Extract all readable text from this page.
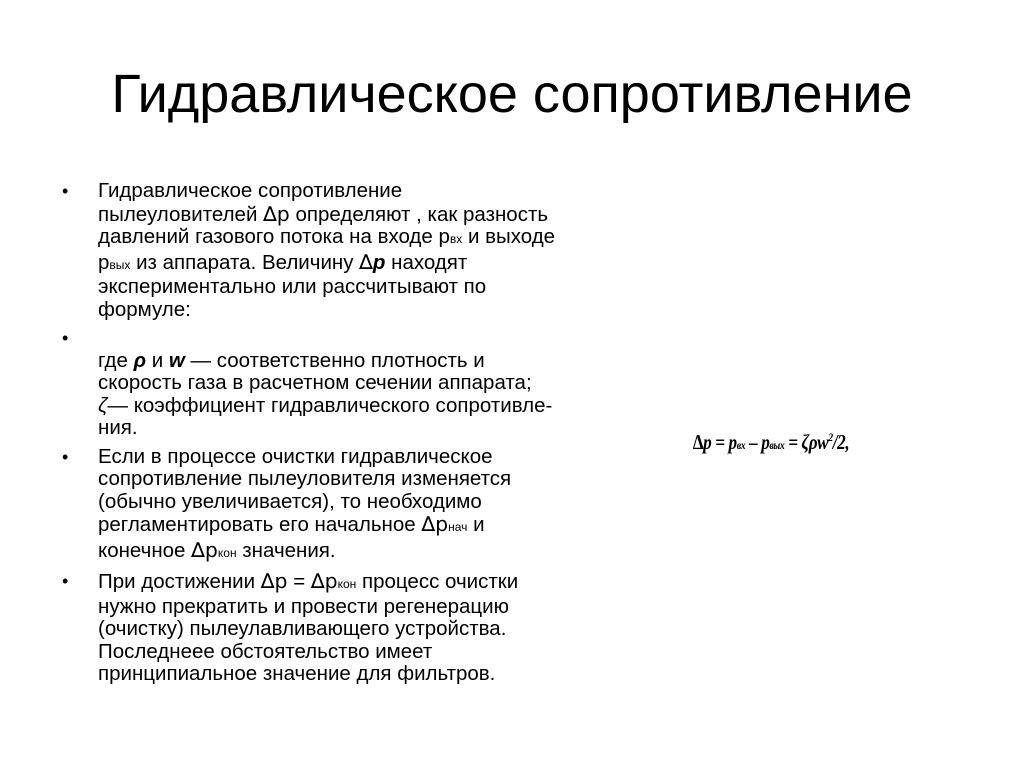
Гидравлическое сопротивление
•	Гидравлическое сопротивление
пылеуловителей ∆р определяют , как разность
давлений газового потока на входе рвх и выходе
рвых из аппарата. Величину ∆р находят
экспериментально или рассчитывают по
формуле:
•
где ρ и w — соответственно плотность и
скорость газа в расчетном сечении аппарата;
ζ— коэффициент гидравлического сопротивле-
ния.
•	Если в процессе очистки гидравлическое
сопротивление пылеуловителя изменяется
(обычно увеличивается), то необходимо
регламентировать его начальное ∆рнач и
конечное ∆ркон значения.
•	При достижении ∆р = ∆ркон процесс очистки
нужно прекратить и провести регенерацию
(очистку) пылеулавливающего устройства.
Последнеее обстоятельство имеет
принципиальное значение для фильтров.
∆p = pвх – pвых = ζρw$^2$/2,
